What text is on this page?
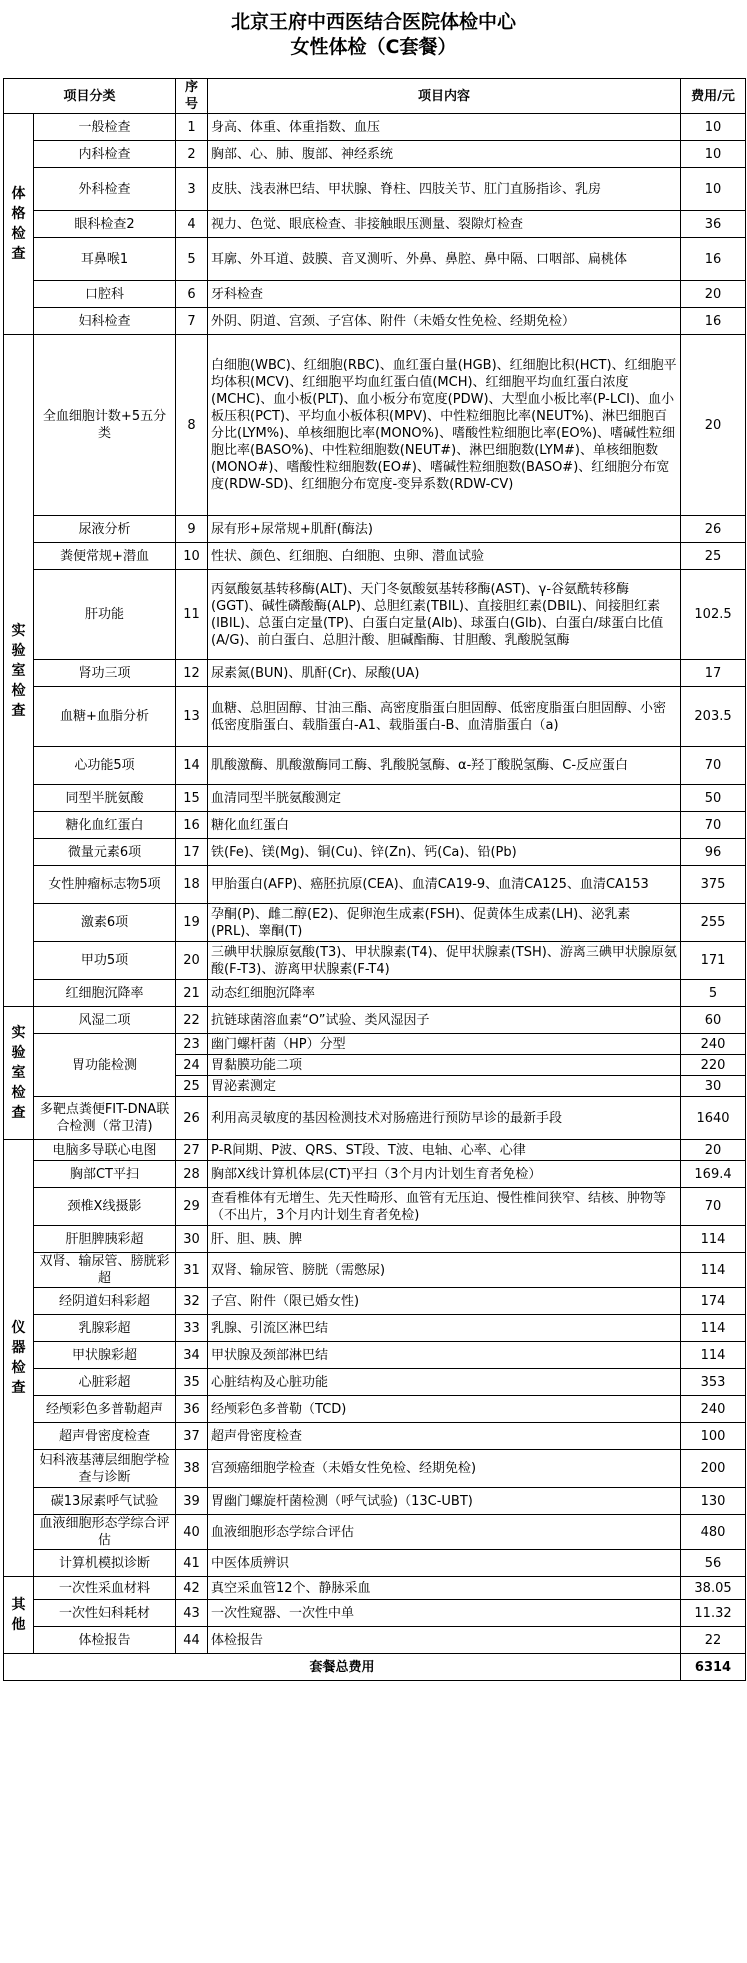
北京王府中西医结合医院体检中心
女性体检（C套餐）
项目分类		序号	项目内容	费用/元
体格检查	一般检查	1	身高、体重、体重指数、血压	10
	内科检查	2	胸部、心、肺、腹部、神经系统	10
	外科检查	3	皮肤、浅表淋巴结、甲状腺、脊柱、四肢关节、肛门直肠指诊、乳房	10
	眼科检查2	4	视力、色觉、眼底检查、非接触眼压测量、裂隙灯检查	36
	耳鼻喉1	5	耳廓、外耳道、鼓膜、音叉测听、外鼻、鼻腔、鼻中隔、口咽部、扁桃体	16
	口腔科	6	牙科检查	20
	妇科检查	7	外阴、阴道、宫颈、子宫体、附件（未婚女性免检、经期免检）	16
实验室检查	全血细胞计数+5五分类	8	白细胞(WBC)、红细胞(RBC)、血红蛋白量(HGB)、红细胞比积(HCT)、红细胞平均体积(MCV)、红细胞平均血红蛋白值(MCH)、红细胞平均血红蛋白浓度(MCHC)、血小板(PLT)、血小板分布宽度(PDW)、大型血小板比率(P-LCI)、血小板压积(PCT)、平均血小板体积(MPV)、中性粒细胞比率(NEUT%)、淋巴细胞百分比(LYM%)、单核细胞比率(MONO%)、嗜酸性粒细胞比率(EO%)、嗜碱性粒细胞比率(BASO%)、中性粒细胞数(NEUT#)、淋巴细胞数(LYM#)、单核细胞数(MONO#)、嗜酸性粒细胞数(EO#)、嗜碱性粒细胞数(BASO#)、红细胞分布宽度(RDW-SD)、红细胞分布宽度-变异系数(RDW-CV)	20
	尿液分析	9	尿有形+尿常规+肌酐(酶法)	26
	粪便常规+潜血	10	性状、颜色、红细胞、白细胞、虫卵、潜血试验	25
	肝功能	11	丙氨酸氨基转移酶(ALT)、天门冬氨酸氨基转移酶(AST)、γ-谷氨酰转移酶(GGT)、碱性磷酸酶(ALP)、总胆红素(TBIL)、直接胆红素(DBIL)、间接胆红素(IBIL)、总蛋白定量(TP)、白蛋白定量(Alb)、球蛋白(Glb)、白蛋白/球蛋白比值(A/G)、前白蛋白、总胆汁酸、胆碱酯酶、甘胆酸、乳酸脱氢酶	102.5
	肾功三项	12	尿素氮(BUN)、肌酐(Cr)、尿酸(UA)	17
	血糖+血脂分析	13	血糖、总胆固醇、甘油三酯、高密度脂蛋白胆固醇、低密度脂蛋白胆固醇、小密低密度脂蛋白、载脂蛋白-A1、载脂蛋白-B、血清脂蛋白（a)	203.5
	心功能5项	14	肌酸激酶、肌酸激酶同工酶、乳酸脱氢酶、α-羟丁酸脱氢酶、C-反应蛋白	70
	同型半胱氨酸	15	血清同型半胱氨酸测定	50
	糖化血红蛋白	16	糖化血红蛋白	70
	微量元素6项	17	铁(Fe)、镁(Mg)、铜(Cu)、锌(Zn)、钙(Ca)、铅(Pb)	96
	女性肿瘤标志物5项	18	甲胎蛋白(AFP)、癌胚抗原(CEA)、血清CA19-9、血清CA125、血清CA153	375
	激素6项	19	孕酮(P)、雌二醇(E2)、促卵泡生成素(FSH)、促黄体生成素(LH)、泌乳素(PRL)、睾酮(T)	255
	甲功5项	20	三碘甲状腺原氨酸(T3)、甲状腺素(T4)、促甲状腺素(TSH)、游离三碘甲状腺原氨酸(F-T3)、游离甲状腺素(F-T4)	171
	红细胞沉降率	21	动态红细胞沉降率	5
实验室检查	风湿二项	22	抗链球菌溶血素“O”试验、类风湿因子	60
	胃功能检测	23	幽门螺杆菌（HP）分型	240
		24	胃黏膜功能二项	220
		25	胃泌素测定	30
	多靶点粪便FIT-DNA联合检测（常卫清)	26	利用高灵敏度的基因检测技术对肠癌进行预防早诊的最新手段	1640
仪器检查	电脑多导联心电图	27	P-R间期、P波、QRS、ST段、T波、电轴、心率、心律	20
	胸部CT平扫	28	胸部X线计算机体层(CT)平扫（3个月内计划生育者免检）	169.4
	颈椎X线摄影	29	查看椎体有无增生、先天性畸形、血管有无压迫、慢性椎间狭窄、结核、肿物等（不出片，3个月内计划生育者免检)	70
	肝胆脾胰彩超	30	肝、胆、胰、脾	114
	双肾、输尿管、膀胱彩超	31	双肾、输尿管、膀胱（需憋尿)	114
	经阴道妇科彩超	32	子宫、附件（限已婚女性)	174
	乳腺彩超	33	乳腺、引流区淋巴结	114
	甲状腺彩超	34	甲状腺及颈部淋巴结	114
	心脏彩超	35	心脏结构及心脏功能	353
	经颅彩色多普勒超声	36	经颅彩色多普勒（TCD)	240
	超声骨密度检查	37	超声骨密度检查	100
	妇科液基薄层细胞学检查与诊断	38	宫颈癌细胞学检查（未婚女性免检、经期免检)	200
	碳13尿素呼气试验	39	胃幽门螺旋杆菌检测（呼气试验)（13C-UBT)	130
	血液细胞形态学综合评估	40	血液细胞形态学综合评估	480
	计算机模拟诊断	41	中医体质辨识	56
其他	一次性采血材料	42	真空采血管12个、静脉采血	38.05
	一次性妇科耗材	43	一次性窥器、一次性中单	11.32
	体检报告	44	体检报告	22
套餐总费用				6314
